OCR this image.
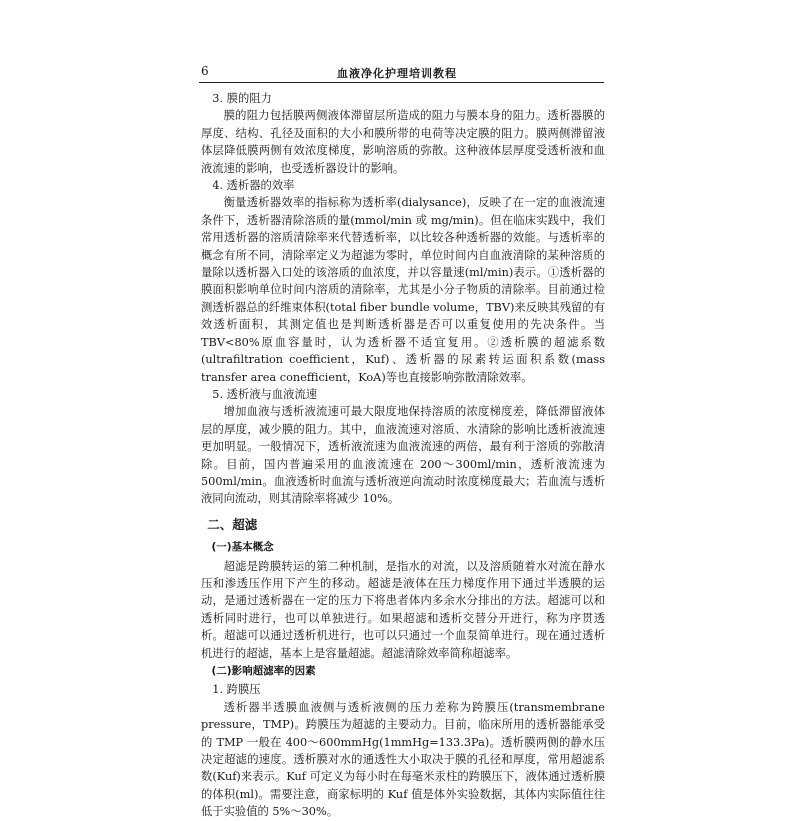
6	血液净化护理培训教程
3. 膜的阻力

膜的阻力包括膜两侧液体滞留层所造成的阻力与膜本身的阻力。透析器膜的厚度、结构、孔径及面积的大小和膜所带的电荷等决定膜的阻力。膜两侧滞留液体层降低膜两侧有效浓度梯度，影响溶质的弥散。这种液体层厚度受透析液和血液流速的影响，也受透析器设计的影响。

4. 透析器的效率

衡量透析器效率的指标称为透析率(dialysance)，反映了在一定的血液流速条件下，透析器清除溶质的量(mmol/min 或 mg/min)。但在临床实践中，我们常用透析器的溶质清除率来代替透析率，以比较各种透析器的效能。与透析率的概念有所不同，清除率定义为超滤为零时，单位时间内自血液清除的某种溶质的量除以透析器入口处的该溶质的血浓度，并以容量速(ml/min)表示。①透析器的膜面积影响单位时间内溶质的清除率，尤其是小分子物质的清除率。目前通过检测透析器总的纤维束体积(total fiber bundle volume，TBV)来反映其残留的有效透析面积，其测定值也是判断透析器是否可以重复使用的先决条件。当TBV<80%原血容量时，认为透析器不适宜复用。②透析膜的超滤系数(ultrafiltration coefficient，Kuf)、透析器的尿素转运面积系数(mass transfer area conefficient，KoA)等也直接影响弥散清除效率。

5. 透析液与血液流速

增加血液与透析液流速可最大限度地保持溶质的浓度梯度差，降低滞留液体层的厚度，减少膜的阻力。其中，血液流速对溶质、水清除的影响比透析液流速更加明显。一般情况下，透析液流速为血液流速的两倍，最有利于溶质的弥散清除。目前，国内普遍采用的血液流速在 200～300ml/min，透析液流速为 500ml/min。血液透析时血流与透析液逆向流动时浓度梯度最大；若血流与透析液同向流动，则其清除率将减少 10%。

二、超滤
(一)基本概念

超滤是跨膜转运的第二种机制，是指水的对流，以及溶质随着水对流在静水压和渗透压作用下产生的移动。超滤是液体在压力梯度作用下通过半透膜的运动，是通过透析器在一定的压力下将患者体内多余水分排出的方法。超滤可以和透析同时进行，也可以单独进行。如果超滤和透析交替分开进行，称为序贯透析。超滤可以通过透析机进行，也可以只通过一个血泵简单进行。现在通过透析机进行的超滤，基本上是容量超滤。超滤清除效率简称超滤率。

(二)影响超滤率的因素
1. 跨膜压

透析器半透膜血液侧与透析液侧的压力差称为跨膜压(transmembrane pressure，TMP)。跨膜压为超滤的主要动力。目前，临床所用的透析器能承受的 TMP 一般在 400～600mmHg(1mmHg=133.3Pa)。透析膜两侧的静水压决定超滤的速度。透析膜对水的通透性大小取决于膜的孔径和厚度，常用超滤系数(Kuf)来表示。Kuf 可定义为每小时在每毫米汞柱的跨膜压下，液体通过透析膜的体积(ml)。需要注意，商家标明的 Kuf 值是体外实验数据，其体内实际值往往低于实验值的 5%～30%。
